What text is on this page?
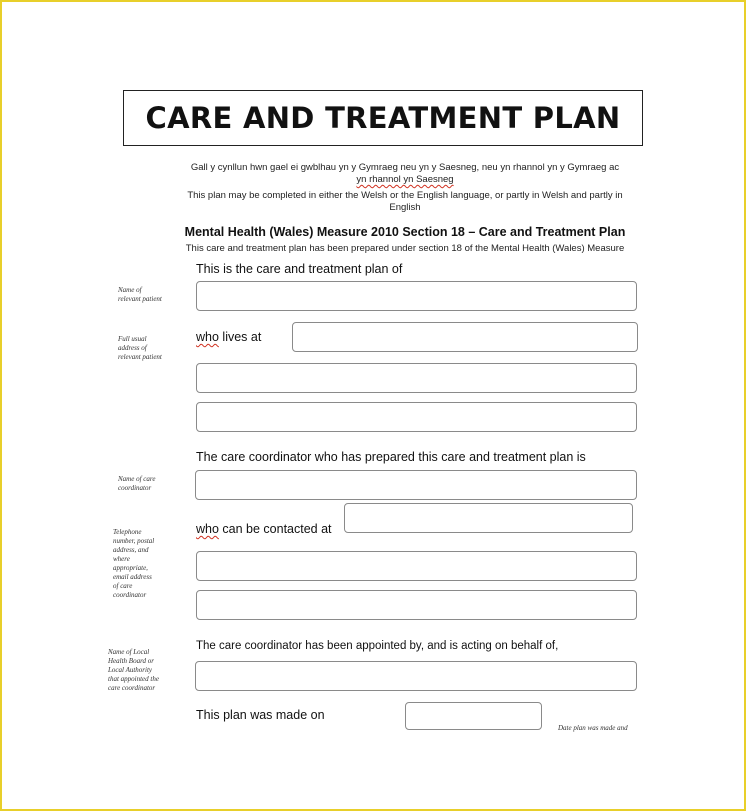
CARE AND TREATMENT PLAN
Gall y cynllun hwn gael ei gwblhau yn y Gymraeg neu yn y Saesneg, neu yn rhannol yn y Gymraeg ac
yn rhannol yn Saesneg
This plan may be completed in either the Welsh or the English language, or partly in Welsh and partly in
English
Mental Health (Wales) Measure 2010 Section 18 – Care and Treatment Plan
This care and treatment plan has been prepared under section 18 of the Mental Health (Wales) Measure
Name of
relevant patient
This is the care and treatment plan of
Full usual
address of
relevant patient
who lives at
The care coordinator who has prepared this care and treatment plan is
Name of care
coordinator
Telephone
number, postal
address, and
where
appropriate,
email address
of care
coordinator
who can be contacted at
The care coordinator has been appointed by, and is acting on behalf of,
Name of Local
Health Board or
Local Authority
that appointed the
care coordinator
This plan was made on
Date plan was made and
